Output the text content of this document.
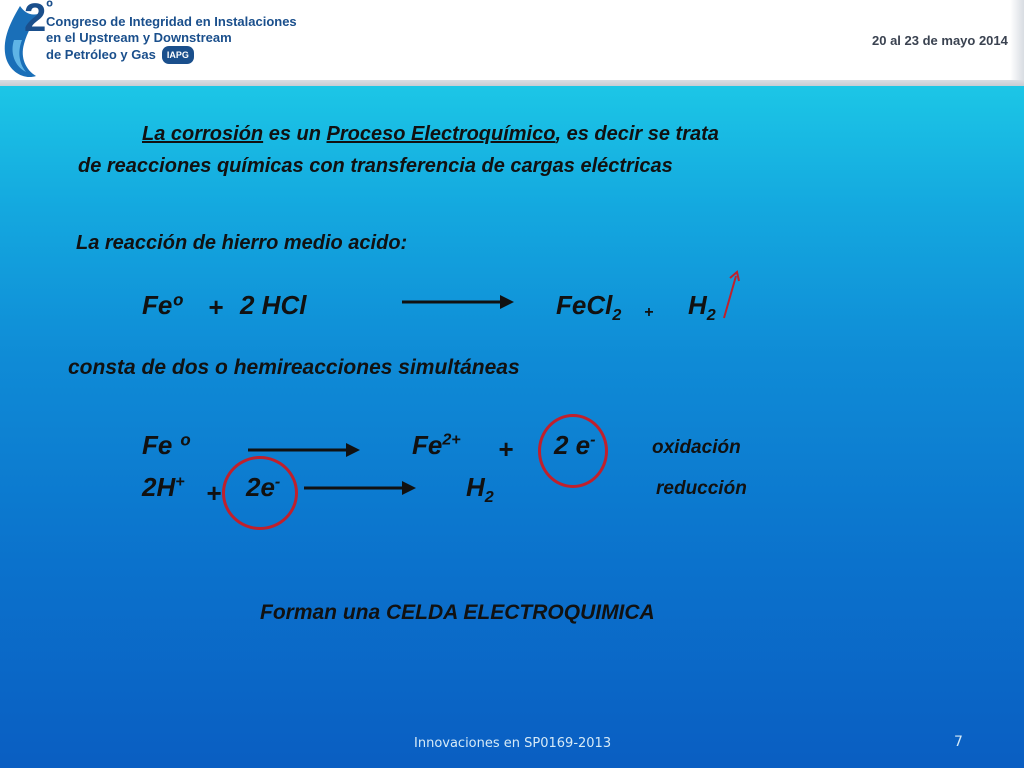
$2^º$
Congreso de Integridad en Instalaciones
en el Upstream y Downstream
de Petróleo y Gas IAPG
20 al 23 de mayo 2014
La corrosión es un Proceso Electroquímico, es decir se trata
de reacciones químicas con transferencia de cargas eléctricas
La reacción de hierro medio acido:
Feº + 2 HCl	FeCl$_2$ + $H_2$
consta de dos o hemireacciones simultáneas
Fe º	$Fe^{2+} + 2$ e-	oxidación
2H+ + 2e-	$H_2$	reducción
Forman una CELDA ELECTROQUIMICA
Innovaciones en SP0169-2013	7
